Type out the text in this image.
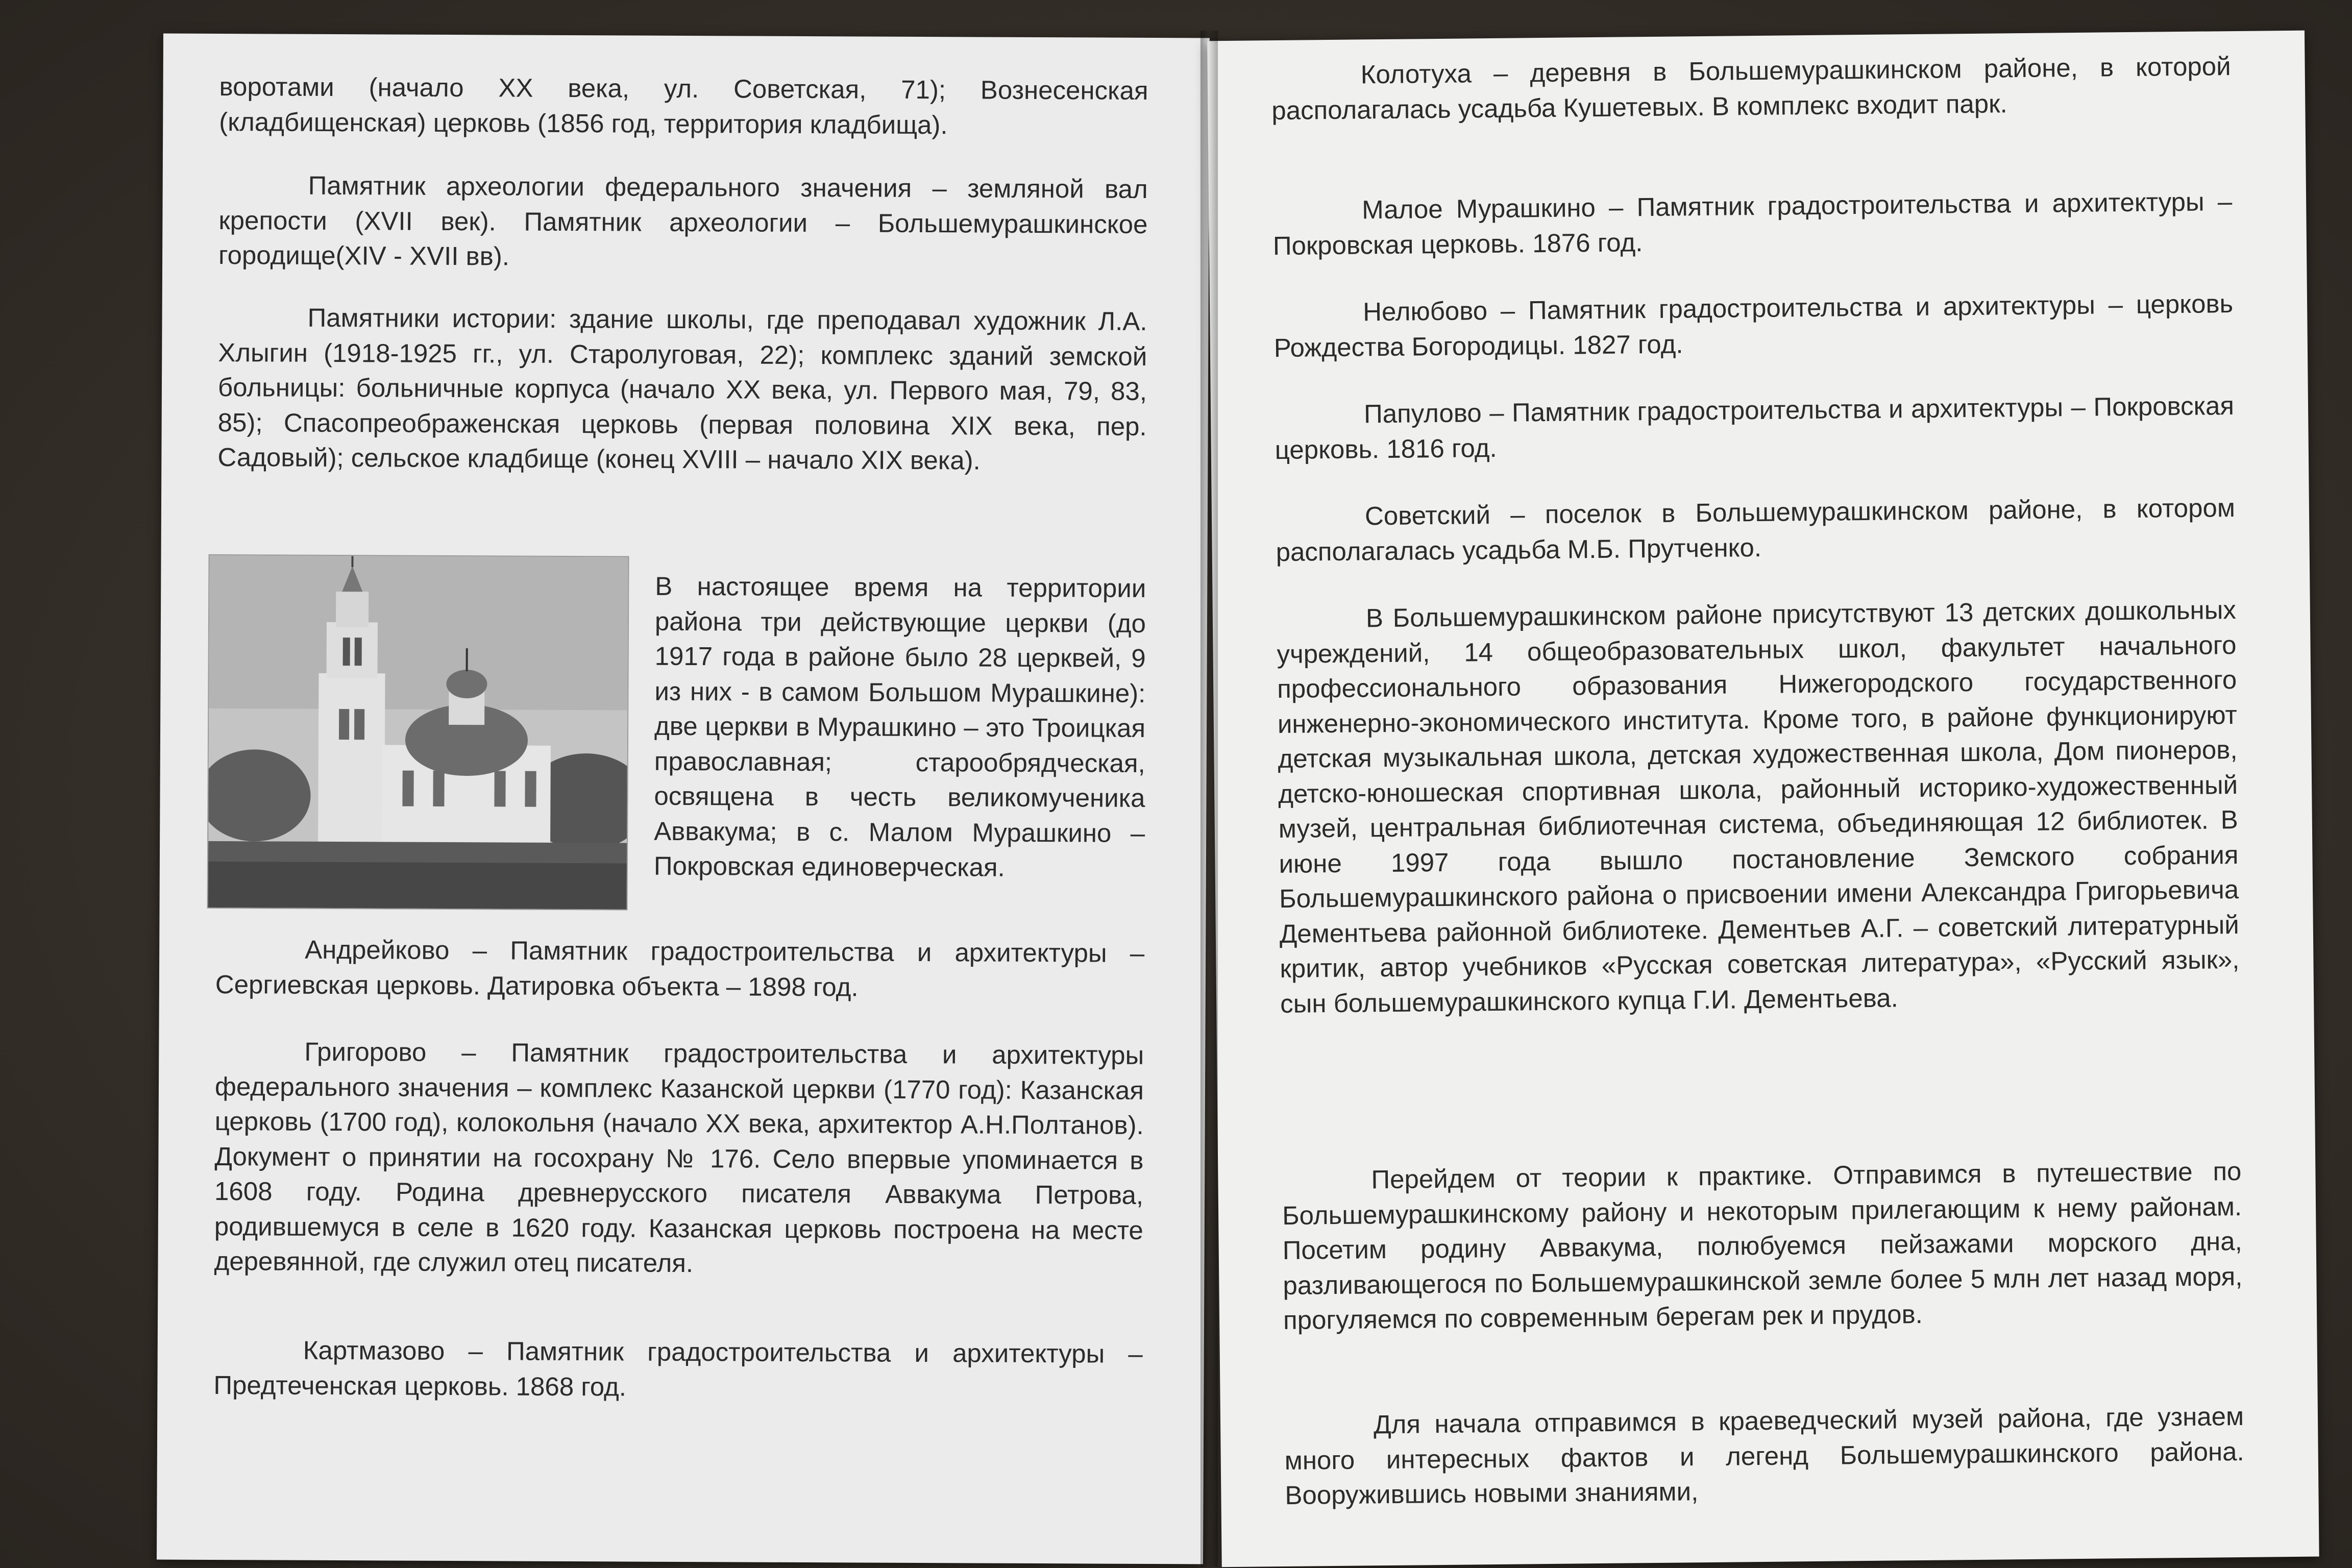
воротами (начало XX века, ул. Советская, 71); Вознесенская (кладбищенская) церковь (1856 год, территория кладбища).

Памятник археологии федерального значения – земляной вал крепости (XVII век). Памятник археологии – Большемурашкинское городище(XIV - XVII вв).

Памятники истории: здание школы, где преподавал художник Л.А. Хлыгин (1918-1925 гг., ул. Старолуговая, 22); комплекс зданий земской больницы: больничные корпуса (начало XX века, ул. Первого мая, 79, 83, 85); Спасопреображенская церковь (первая половина XIX века, пер. Садовый); сельское кладбище (конец XVIII – начало XIX века).

В настоящее время на территории района три действующие церкви (до 1917 года в районе было 28 церквей, 9 из них - в самом Большом Мурашкине): две церкви в Мурашкино – это Троицкая православная; старообрядческая, освящена в честь великомученика Аввакума; в с. Малом Мурашкино – Покровская единоверческая.

Андрейково – Памятник градостроительства и архитектуры – Сергиевская церковь. Датировка объекта – 1898 год.

Григорово – Памятник градостроительства и архитектуры федерального значения – комплекс Казанской церкви (1770 год): Казанская церковь (1700 год), колокольня (начало XX века, архитектор А.Н.Полтанов). Документ о принятии на госохрану № 176. Село впервые упоминается в 1608 году. Родина древнерусского писателя Аввакума Петрова, родившемуся в селе в 1620 году. Казанская церковь построена на месте деревянной, где служил отец писателя.

Картмазово – Памятник градостроительства и архитектуры – Предтеченская церковь. 1868 год.

Колотуха – деревня в Большемурашкинском районе, в которой располагалась усадьба Кушетевых. В комплекс входит парк.

Малое Мурашкино – Памятник градостроительства и архитектуры – Покровская церковь. 1876 год.

Нелюбово – Памятник градостроительства и архитектуры – церковь Рождества Богородицы. 1827 год.

Папулово – Памятник градостроительства и архитектуры – Покровская церковь. 1816 год.

Советский – поселок в Большемурашкинском районе, в котором располагалась усадьба М.Б. Прутченко.

В Большемурашкинском районе присутствуют 13 детских дошкольных учреждений, 14 общеобразовательных школ, факультет начального профессионального образования Нижегородского государственного инженерно-экономического института. Кроме того, в районе функционируют детская музыкальная школа, детская художественная школа, Дом пионеров, детско-юношеская спортивная школа, районный историко-художественный музей, центральная библиотечная система, объединяющая 12 библиотек. В июне 1997 года вышло постановление Земского собрания Большемурашкинского района о присвоении имени Александра Григорьевича Дементьева районной библиотеке. Дементьев А.Г. – советский литературный критик, автор учебников «Русская советская литература», «Русский язык», сын большемурашкинского купца Г.И. Дементьева.

Перейдем от теории к практике. Отправимся в путешествие по Большемурашкинскому району и некоторым прилегающим к нему районам. Посетим родину Аввакума, полюбуемся пейзажами морского дна, разливающегося по Большемурашкинской земле более 5 млн лет назад моря, прогуляемся по современным берегам рек и прудов.

Для начала отправимся в краеведческий музей района, где узнаем много интересных фактов и легенд Большемурашкинского района. Вооружившись новыми знаниями,
